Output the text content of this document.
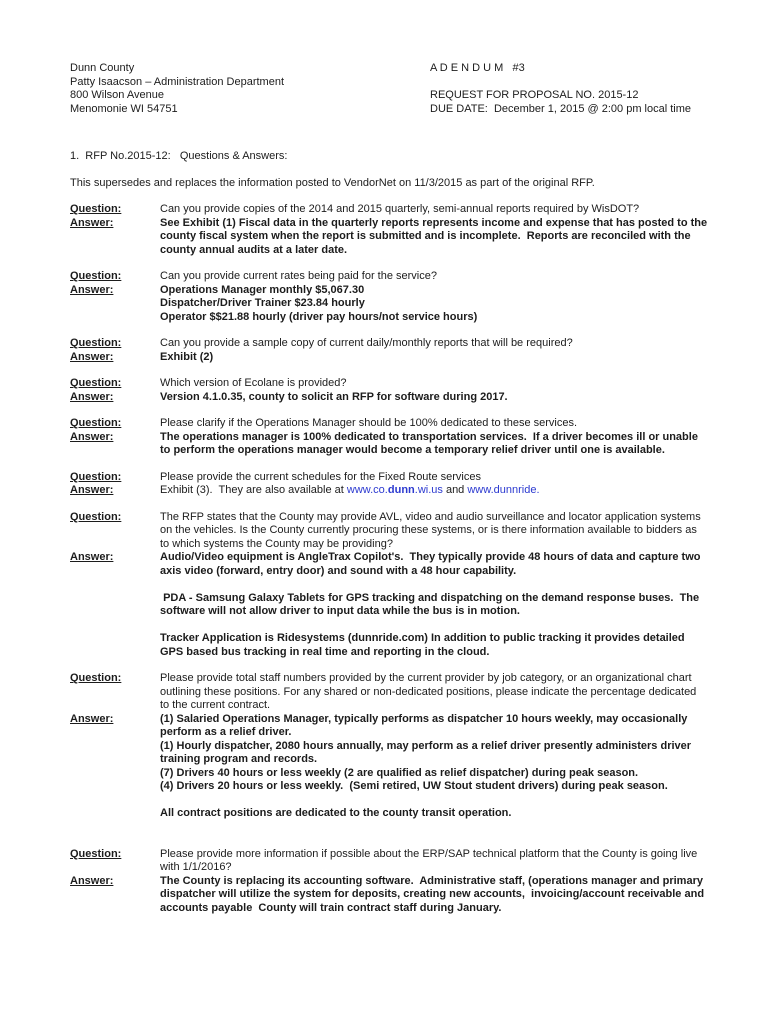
Dunn County
Patty Isaacson – Administration Department
800 Wilson Avenue
Menomonie WI 54751
A D E N D U M   #3
REQUEST FOR PROPOSAL NO. 2015-12
DUE DATE:  December 1, 2015 @ 2:00 pm local time
1.  RFP No.2015-12:   Questions & Answers:
This supersedes and replaces the information posted to VendorNet on 11/3/2015 as part of the original RFP.
Question:	Can you provide copies of the 2014 and 2015 quarterly, semi-annual reports required by WisDOT?
Answer:	See Exhibit (1) Fiscal data in the quarterly reports represents income and expense that has posted to the county fiscal system when the report is submitted and is incomplete.  Reports are reconciled with the county annual audits at a later date.
Question:	Can you provide current rates being paid for the service?
Answer:	Operations Manager monthly $5,067.30
Dispatcher/Driver Trainer $23.84 hourly
Operator $$21.88 hourly (driver pay hours/not service hours)
Question:	Can you provide a sample copy of current daily/monthly reports that will be required?
Answer:	Exhibit (2)
Question:	Which version of Ecolane is provided?
Answer:	Version 4.1.0.35, county to solicit an RFP for software during 2017.
Question:	Please clarify if the Operations Manager should be 100% dedicated to these services.
Answer:	The operations manager is 100% dedicated to transportation services.  If a driver becomes ill or unable to perform the operations manager would become a temporary relief driver until one is available.
Question:	Please provide the current schedules for the Fixed Route services
Answer:	Exhibit (3).  They are also available at www.co.dunn.wi.us and www.dunnride.
Question:	The RFP states that the County may provide AVL, video and audio surveillance and locator application systems on the vehicles. Is the County currently procuring these systems, or is there information available to bidders as to which systems the County may be providing?
Answer:	Audio/Video equipment is AngleTrax Copilot's.  They typically provide 48 hours of data and capture two axis video (forward, entry door) and sound with a 48 hour capability.
PDA - Samsung Galaxy Tablets for GPS tracking and dispatching on the demand response buses.  The software will not allow driver to input data while the bus is in motion.
Tracker Application is Ridesystems (dunnride.com) In addition to public tracking it provides detailed GPS based bus tracking in real time and reporting in the cloud.
Question:	Please provide total staff numbers provided by the current provider by job category, or an organizational chart outlining these positions. For any shared or non-dedicated positions, please indicate the percentage dedicated to the current contract.
Answer:	(1) Salaried Operations Manager, typically performs as dispatcher 10 hours weekly, may occasionally perform as a relief driver.
(1) Hourly dispatcher, 2080 hours annually, may perform as a relief driver presently administers driver training program and records.
(7) Drivers 40 hours or less weekly (2 are qualified as relief dispatcher) during peak season.
(4) Drivers 20 hours or less weekly.  (Semi retired, UW Stout student drivers) during peak season.
All contract positions are dedicated to the county transit operation.
Question:	Please provide more information if possible about the ERP/SAP technical platform that the County is going live with 1/1/2016?
Answer:	The County is replacing its accounting software.  Administrative staff, (operations manager and primary dispatcher will utilize the system for deposits, creating new accounts,  invoicing/account receivable and accounts payable  County will train contract staff during January.
